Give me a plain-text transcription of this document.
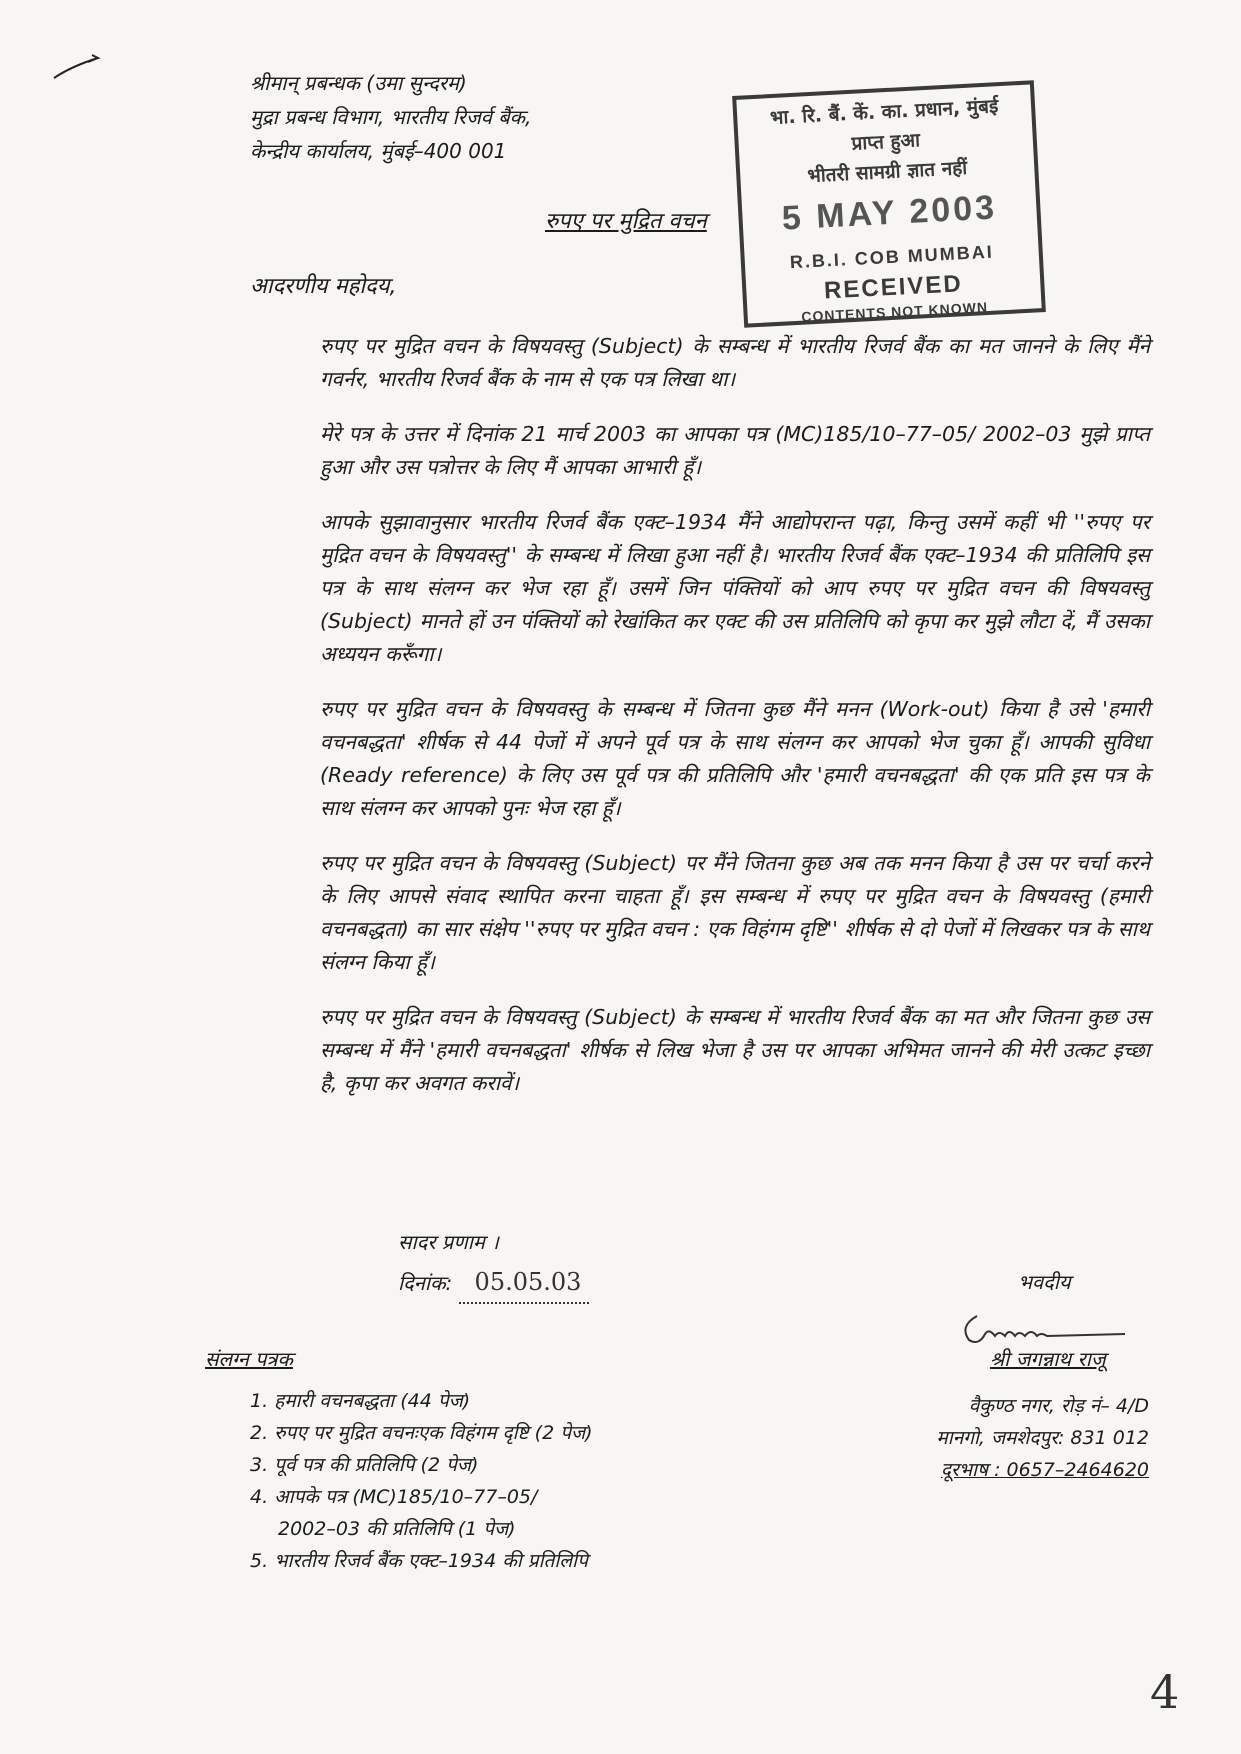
श्रीमान् प्रबन्धक (उमा सुन्दरम)
मुद्रा प्रबन्ध विभाग, भारतीय रिजर्व बैंक,
केन्द्रीय कार्यालय, मुंबई–400 001
भा. रि. बैं. कें. का. प्रधान, मुंबई
प्राप्त हुआ
भीतरी सामग्री ज्ञात नहीं
5 MAY 2003
R.B.I. COB MUMBAI
RECEIVED
CONTENTS NOT KNOWN
रुपए पर मुद्रित वचन
आदरणीय महोदय,

रुपए पर मुद्रित वचन के विषयवस्तु (Subject) के सम्बन्ध में भारतीय रिजर्व बैंक का मत जानने के लिए मैंने गवर्नर, भारतीय रिजर्व बैंक के नाम से एक पत्र लिखा था।

मेरे पत्र के उत्तर में दिनांक 21 मार्च 2003 का आपका पत्र (MC)185/10–77–05/ 2002–03 मुझे प्राप्त हुआ और उस पत्रोत्तर के लिए मैं आपका आभारी हूँ।

आपके सुझावानुसार भारतीय रिजर्व बैंक एक्ट–1934 मैंने आद्योपरान्त पढ़ा, किन्तु उसमें कहीं भी ''रुपए पर मुद्रित वचन के विषयवस्तु'' के सम्बन्ध में लिखा हुआ नहीं है। भारतीय रिजर्व बैंक एक्ट–1934 की प्रतिलिपि इस पत्र के साथ संलग्न कर भेज रहा हूँ। उसमें जिन पंक्तियों को आप रुपए पर मुद्रित वचन की विषयवस्तु (Subject) मानते हों उन पंक्तियों को रेखांकित कर एक्ट की उस प्रतिलिपि को कृपा कर मुझे लौटा दें, मैं उसका अध्ययन करूँगा।

रुपए पर मुद्रित वचन के विषयवस्तु के सम्बन्ध में जितना कुछ मैंने मनन (Work-out) किया है उसे 'हमारी वचनबद्धता' शीर्षक से 44 पेजों में अपने पूर्व पत्र के साथ संलग्न कर आपको भेज चुका हूँ। आपकी सुविधा (Ready reference) के लिए उस पूर्व पत्र की प्रतिलिपि और 'हमारी वचनबद्धता' की एक प्रति इस पत्र के साथ संलग्न कर आपको पुनः भेज रहा हूँ।

रुपए पर मुद्रित वचन के विषयवस्तु (Subject) पर मैंने जितना कुछ अब तक मनन किया है उस पर चर्चा करने के लिए आपसे संवाद स्थापित करना चाहता हूँ। इस सम्बन्ध में रुपए पर मुद्रित वचन के विषयवस्तु (हमारी वचनबद्धता) का सार संक्षेप ''रुपए पर मुद्रित वचन : एक विहंगम दृष्टि'' शीर्षक से दो पेजों में लिखकर पत्र के साथ संलग्न किया हूँ।

रुपए पर मुद्रित वचन के विषयवस्तु (Subject) के सम्बन्ध में भारतीय रिजर्व बैंक का मत और जितना कुछ उस सम्बन्ध में मैंने 'हमारी वचनबद्धता' शीर्षक से लिख भेजा है उस पर आपका अभिमत जानने की मेरी उत्कट इच्छा है, कृपा कर अवगत करावें।

सादर प्रणाम ।
दिनांक: 05.05.03	भवदीय
श्री जगन्नाथ राजू
वैकुण्ठ नगर, रोड़ नं– 4/D
मानगो, जमशेदपुर: 831 012
दूरभाष : 0657–2464620
संलग्न पत्रक
1. हमारी वचनबद्धता (44 पेज)
2. रुपए पर मुद्रित वचनःएक विहंगम दृष्टि (2 पेज)
3. पूर्व पत्र की प्रतिलिपि (2 पेज)
4. आपके पत्र (MC)185/10–77–05/
2002–03 की प्रतिलिपि (1 पेज)
5. भारतीय रिजर्व बैंक एक्ट–1934 की प्रतिलिपि
4
